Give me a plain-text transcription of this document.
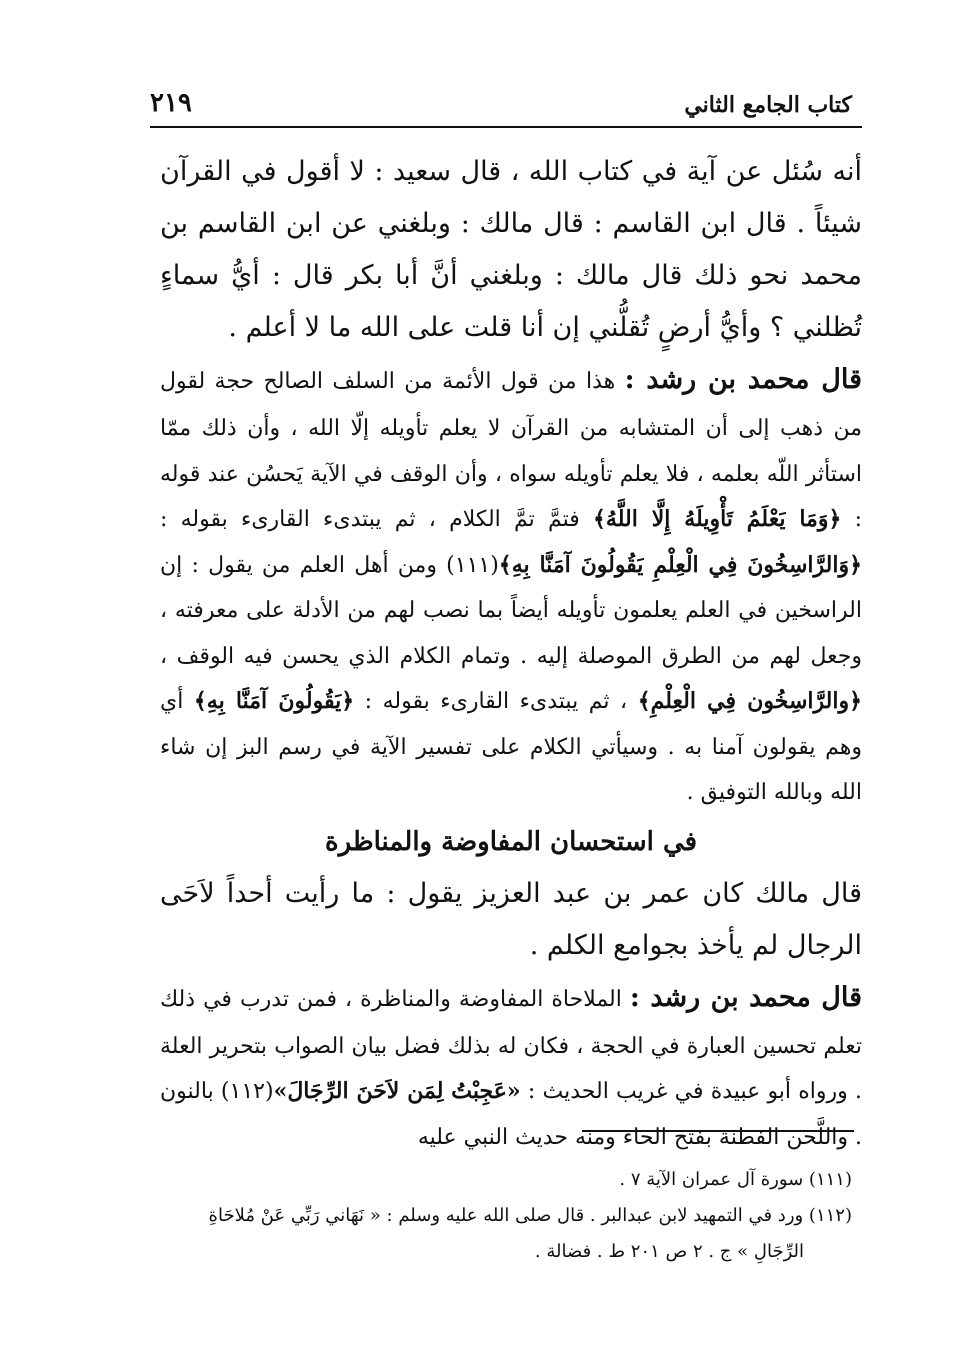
كتاب الجامع الثاني
٢١٩

أنه سُئل عن آية في كتاب الله ، قال سعيد : لا أقول في القرآن شيئاً . قال ابن القاسم : قال مالك : وبلغني عن ابن القاسم بن محمد نحو ذلك قال مالك : وبلغني أنَّ أبا بكر قال : أيُّ سماءٍ تُظلني ؟ وأيُّ أرضٍ تُقلُّني إن أنا قلت على الله ما لا أعلم .

قال محمد بن رشد : هذا من قول الأئمة من السلف الصالح حجة لقول من ذهب إلى أن المتشابه من القرآن لا يعلم تأويله إلّا الله ، وأن ذلك ممّا استأثر اللّه بعلمه ، فلا يعلم تأويله سواه ، وأن الوقف في الآية يَحسُن عند قوله : ﴿وَمَا يَعْلَمُ تَأْوِيلَهُ إِلَّا اللَّهُ﴾ فتمَّ تمَّ الكلام ، ثم يبتدىء القارىء بقوله : ﴿وَالرَّاسِخُونَ فِي الْعِلْمِ يَقُولُونَ آمَنَّا بِهِ﴾(١١١) ومن أهل العلم من يقول : إن الراسخين في العلم يعلمون تأويله أيضاً بما نصب لهم من الأدلة على معرفته ، وجعل لهم من الطرق الموصلة إليه . وتمام الكلام الذي يحسن فيه الوقف ، ﴿والرَّاسِخُون فِي الْعِلْمِ﴾ ، ثم يبتدىء القارىء بقوله : ﴿يَقُولُونَ آمَنَّا بِهِ﴾ أي وهم يقولون آمنا به . وسيأتي الكلام على تفسير الآية في رسم البز إن شاء الله وبالله التوفيق .

في استحسان المفاوضة والمناظرة

قال مالك كان عمر بن عبد العزيز يقول : ما رأيت أحداً لاَحَى الرجال لم يأخذ بجوامع الكلم .

قال محمد بن رشد : الملاحاة المفاوضة والمناظرة ، فمن تدرب في ذلك تعلم تحسين العبارة في الحجة ، فكان له بذلك فضل بيان الصواب بتحرير العلة . ورواه أبو عبيدة في غريب الحديث : «عَجِبْتُ لِمَن لاَحَنَ الرِّجَالَ»(١١٢) بالنون . واللَّحن الفطنة بفتح الحاء ومنه حديث النبي عليه

(١١١) سورة آل عمران الآية ٧ .

(١١٢) ورد في التمهيد لابن عبدالبر . قال صلى الله عليه وسلم : « نَهَاني رَبِّي عَنْ مُلاحَاةِ

الرِّجَالِ » ج . ٢ ص ٢٠١ ط . فضالة .
